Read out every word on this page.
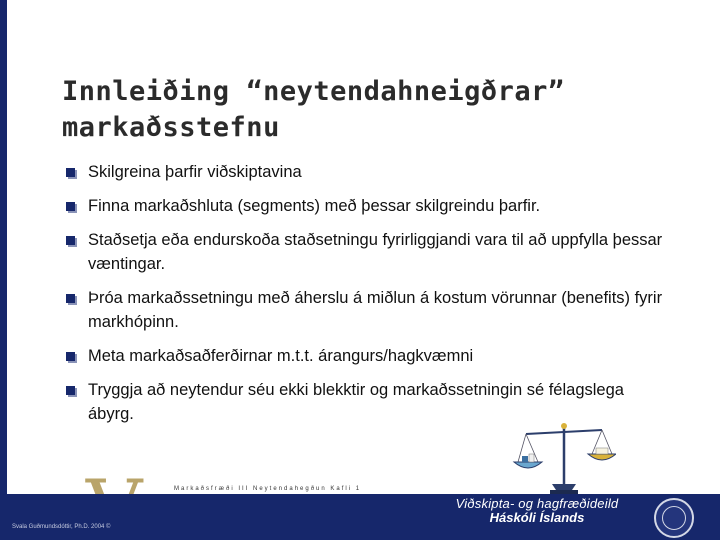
Innleiðing “neytendahneigðrar” markaðsstefnu
Skilgreina þarfir viðskiptavina
Finna markaðshluta (segments) með þessar skilgreindu þarfir.
Staðsetja eða endurskoða staðsetningu fyrirliggjandi vara til að uppfylla þessar væntingar.
Þróa markaðssetningu með áherslu á miðlun á kostum vörunnar (benefits) fyrir markhópinn.
Meta markaðsaðferðirnar m.t.t. árangurs/hagkvæmni
Tryggja að neytendur séu ekki blekktir og markaðssetningin sé félagslega ábyrg.
Markaðsfræði III Neytendahegðun Kafli 1
Svala Guðmundsdóttir, Ph.D. 2004 ©
Viðskipta- og hagfræðideild
Háskóli Íslands
